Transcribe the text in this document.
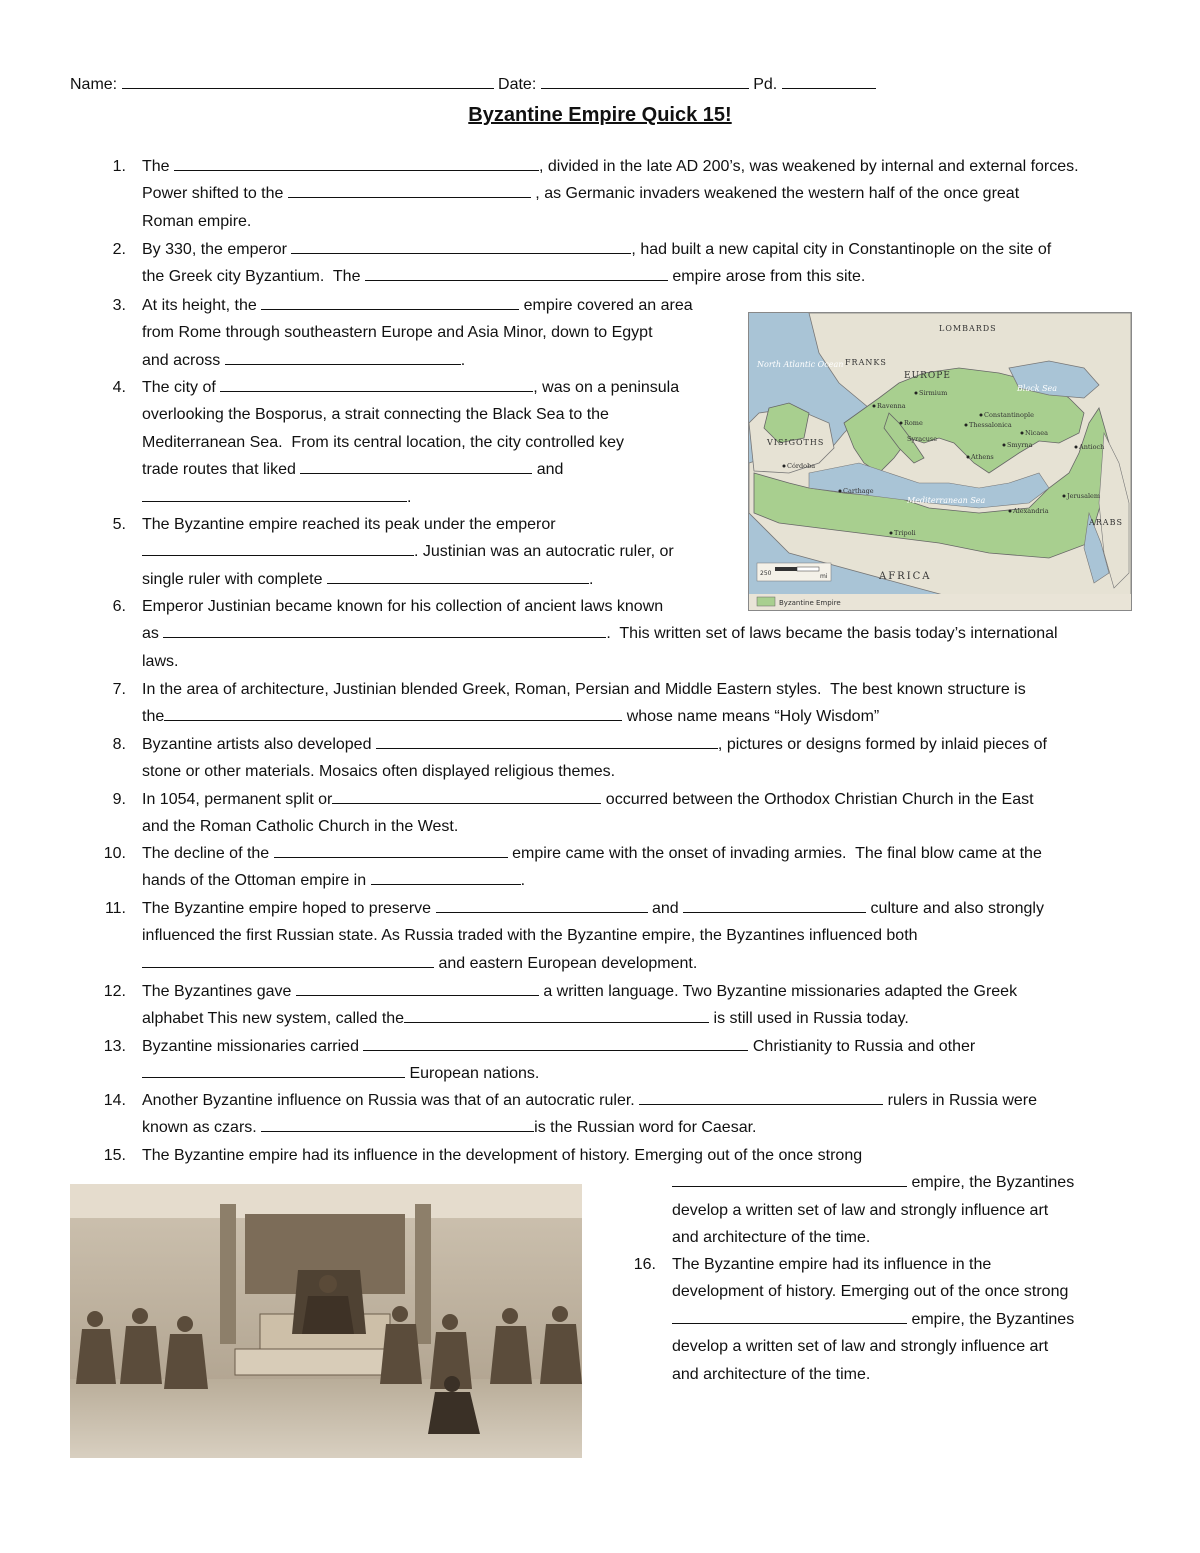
Name:	Date:	Pd.
Byzantine Empire Quick 15!
1. The	, divided in the late AD 200’s, was weakened by internal and external forces.
Power shifted to the	, as Germanic invaders weakened the western half of the once great
Roman empire.
2. By 330, the emperor	, had built a new capital city in Constantinople on the site of
the Greek city Byzantium.  The	empire arose from this site.
3. At its height, the	empire covered an area
from Rome through southeastern Europe and Asia Minor, down to Egypt
and across	.
4. The city of	, was on a peninsula
overlooking the Bosporus, a strait connecting the Black Sea to the
Mediterranean Sea.  From its central location, the city controlled key
trade routes that liked	and
.
5. The Byzantine empire reached its peak under the emperor
. Justinian was an autocratic ruler, or
single ruler with complete	.
6. Emperor Justinian became known for his collection of ancient laws known
as	.  This written set of laws became the basis today’s international
laws.
7. In the area of architecture, Justinian blended Greek, Roman, Persian and Middle Eastern styles.  The best known structure is
the	whose name means “Holy Wisdom”
8. Byzantine artists also developed	, pictures or designs formed by inlaid pieces of
stone or other materials. Mosaics often displayed religious themes.
9. In 1054, permanent split or	occurred between the Orthodox Christian Church in the East
and the Roman Catholic Church in the West.
10. The decline of the	empire came with the onset of invading armies.  The final blow came at the
hands of the Ottoman empire in	.
11. The Byzantine empire hoped to preserve	and	culture and also strongly
influenced the first Russian state. As Russia traded with the Byzantine empire, the Byzantines influenced both
and eastern European development.
12. The Byzantines gave	a written language. Two Byzantine missionaries adapted the Greek
alphabet This new system, called the	is still used in Russia today.
13. Byzantine missionaries carried	Christianity to Russia and other
European nations.
14. Another Byzantine influence on Russia was that of an autocratic ruler.	rulers in Russia were
known as czars.	is the Russian word for Caesar.
15. The Byzantine empire had its influence in the development of history. Emerging out of the once strong
empire, the Byzantines
develop a written set of law and strongly influence art
and architecture of the time.
16. The Byzantine empire had its influence in the
development of history. Emerging out of the once strong
empire, the Byzantines
develop a written set of law and strongly influence art
and architecture of the time.
LOMBARDS
FRANKS
EUROPE
North Atlantic Ocean
VISIGOTHS
Black Sea
Mediterranean Sea
AFRICA
ARABS
Sirmium
Ravenna
Rome
Constantinople
Thessalonica
Nicaea
Smyrna	Antioch
Córdoba
Carthage
Athens
Jerusalem
Alexandria
Tripoli
Syracuse
250	mi
Byzantine Empire
